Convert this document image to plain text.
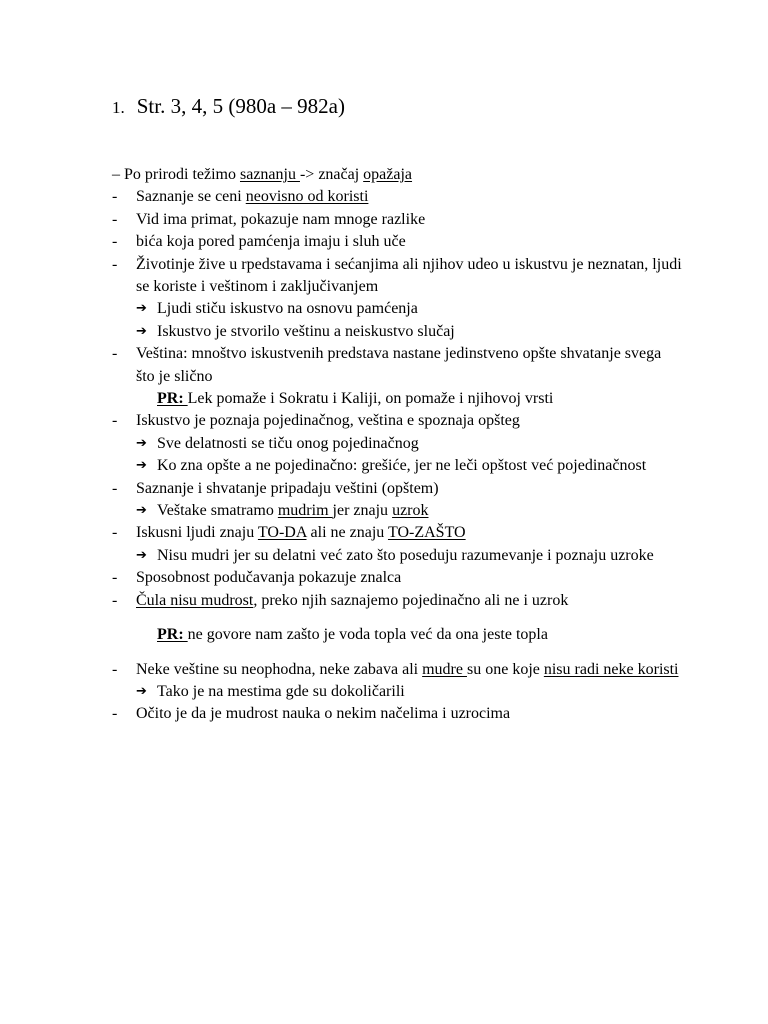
1. Str. 3, 4, 5 (980a – 982a)
– Po prirodi težimo saznanju -> značaj opažaja
-	Saznanje se ceni neovisno od koristi
-	Vid ima primat, pokazuje nam mnoge razlike
-	bića koja pored pamćenja imaju i sluh uče
-	Životinje žive u rpedstavama i sećanjima ali njihov udeo u iskustvu je neznatan, ljudi se koriste i veštinom i zaključivanjem
➔ Ljudi stiču iskustvo na osnovu pamćenja
➔ Iskustvo je stvorilo veštinu a neiskustvo slučaj
-	Veština: mnoštvo iskustvenih predstava nastane jedinstveno opšte shvatanje svega što je slično
PR: Lek pomaže i Sokratu i Kaliji, on pomaže i njihovoj vrsti
-	Iskustvo je poznaja pojedinačnog, veština e spoznaja opšteg
➔ Sve delatnosti se tiču onog pojedinačnog
➔ Ko zna opšte a ne pojedinačno: grešiće, jer ne leči opštost već pojedinačnost
-	Saznanje i shvatanje pripadaju veštini (opštem)
➔ Veštake smatramo mudrim jer znaju uzrok
-	Iskusni ljudi znaju TO-DA ali ne znaju TO-ZAŠTO
➔ Nisu mudri jer su delatni već zato što poseduju razumevanje i poznaju uzroke
-	Sposobnost podučavanja pokazuje znalca
-	Čula nisu mudrost, preko njih saznajemo pojedinačno ali ne i uzrok
PR: ne govore nam zašto je voda topla već da ona jeste topla
-	Neke veštine su neophodna, neke zabava ali mudre su one koje nisu radi neke koristi
➔ Tako je na mestima gde su dokoličarili
-	Očito je da je mudrost nauka o nekim načelima i uzrocima
